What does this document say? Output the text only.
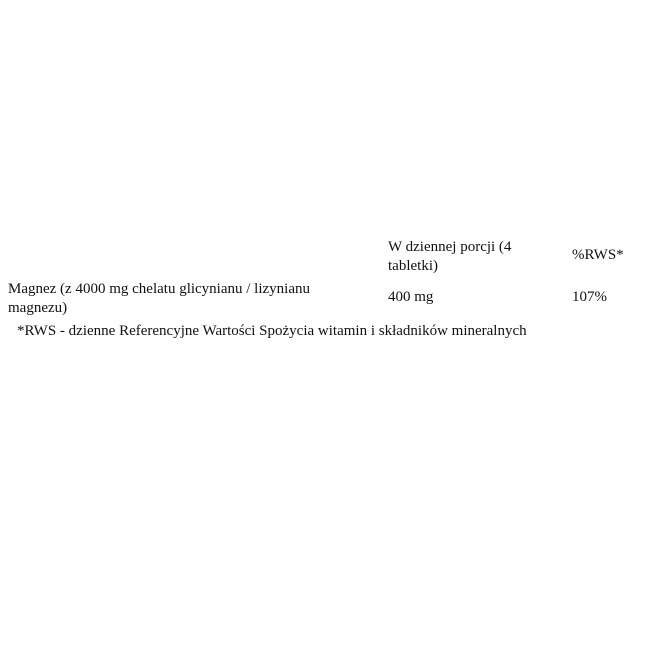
W dziennej porcji (4 tabletki)
%RWS*
Magnez (z 4000 mg chelatu glicynianu / lizynianu magnezu)
400 mg	107%
*RWS - dzienne Referencyjne Wartości Spożycia witamin i składników mineralnych
